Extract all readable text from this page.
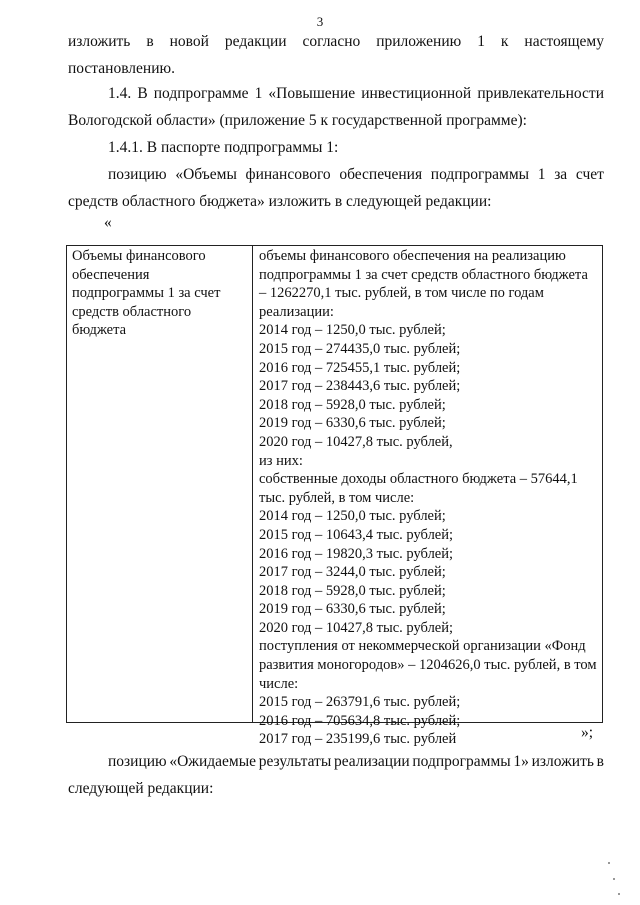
3
изложить в новой редакции согласно приложению 1 к настоящему
постановлению.
1.4. В подпрограмме 1 «Повышение инвестиционной привлекательности
Вологодской области» (приложение 5 к государственной программе):
1.4.1. В паспорте подпрограммы 1:
позицию «Объемы финансового обеспечения подпрограммы 1 за счет
средств областного бюджета» изложить в следующей редакции:
«
Объемы финансового
обеспечения
подпрограммы 1 за счет
средств областного
бюджета
объемы финансового обеспечения на реализацию
подпрограммы 1 за счет средств областного бюджета
– 1262270,1 тыс. рублей, в том числе по годам
реализации:
2014 год – 1250,0 тыс. рублей;
2015 год – 274435,0 тыс. рублей;
2016 год – 725455,1 тыс. рублей;
2017 год – 238443,6 тыс. рублей;
2018 год – 5928,0 тыс. рублей;
2019 год – 6330,6 тыс. рублей;
2020 год – 10427,8 тыс. рублей,
из них:
собственные доходы областного бюджета – 57644,1
тыс. рублей, в том числе:
2014 год – 1250,0 тыс. рублей;
2015 год – 10643,4 тыс. рублей;
2016 год – 19820,3 тыс. рублей;
2017 год – 3244,0 тыс. рублей;
2018 год – 5928,0 тыс. рублей;
2019 год – 6330,6 тыс. рублей;
2020 год – 10427,8 тыс. рублей;
поступления от некоммерческой организации «Фонд
развития моногородов» – 1204626,0 тыс. рублей, в том
числе:
2015 год – 263791,6 тыс. рублей;
2016 год – 705634,8 тыс. рублей;
2017 год – 235199,6 тыс. рублей	»;
позицию «Ожидаемые результаты реализации подпрограммы 1» изложить в
следующей редакции:
